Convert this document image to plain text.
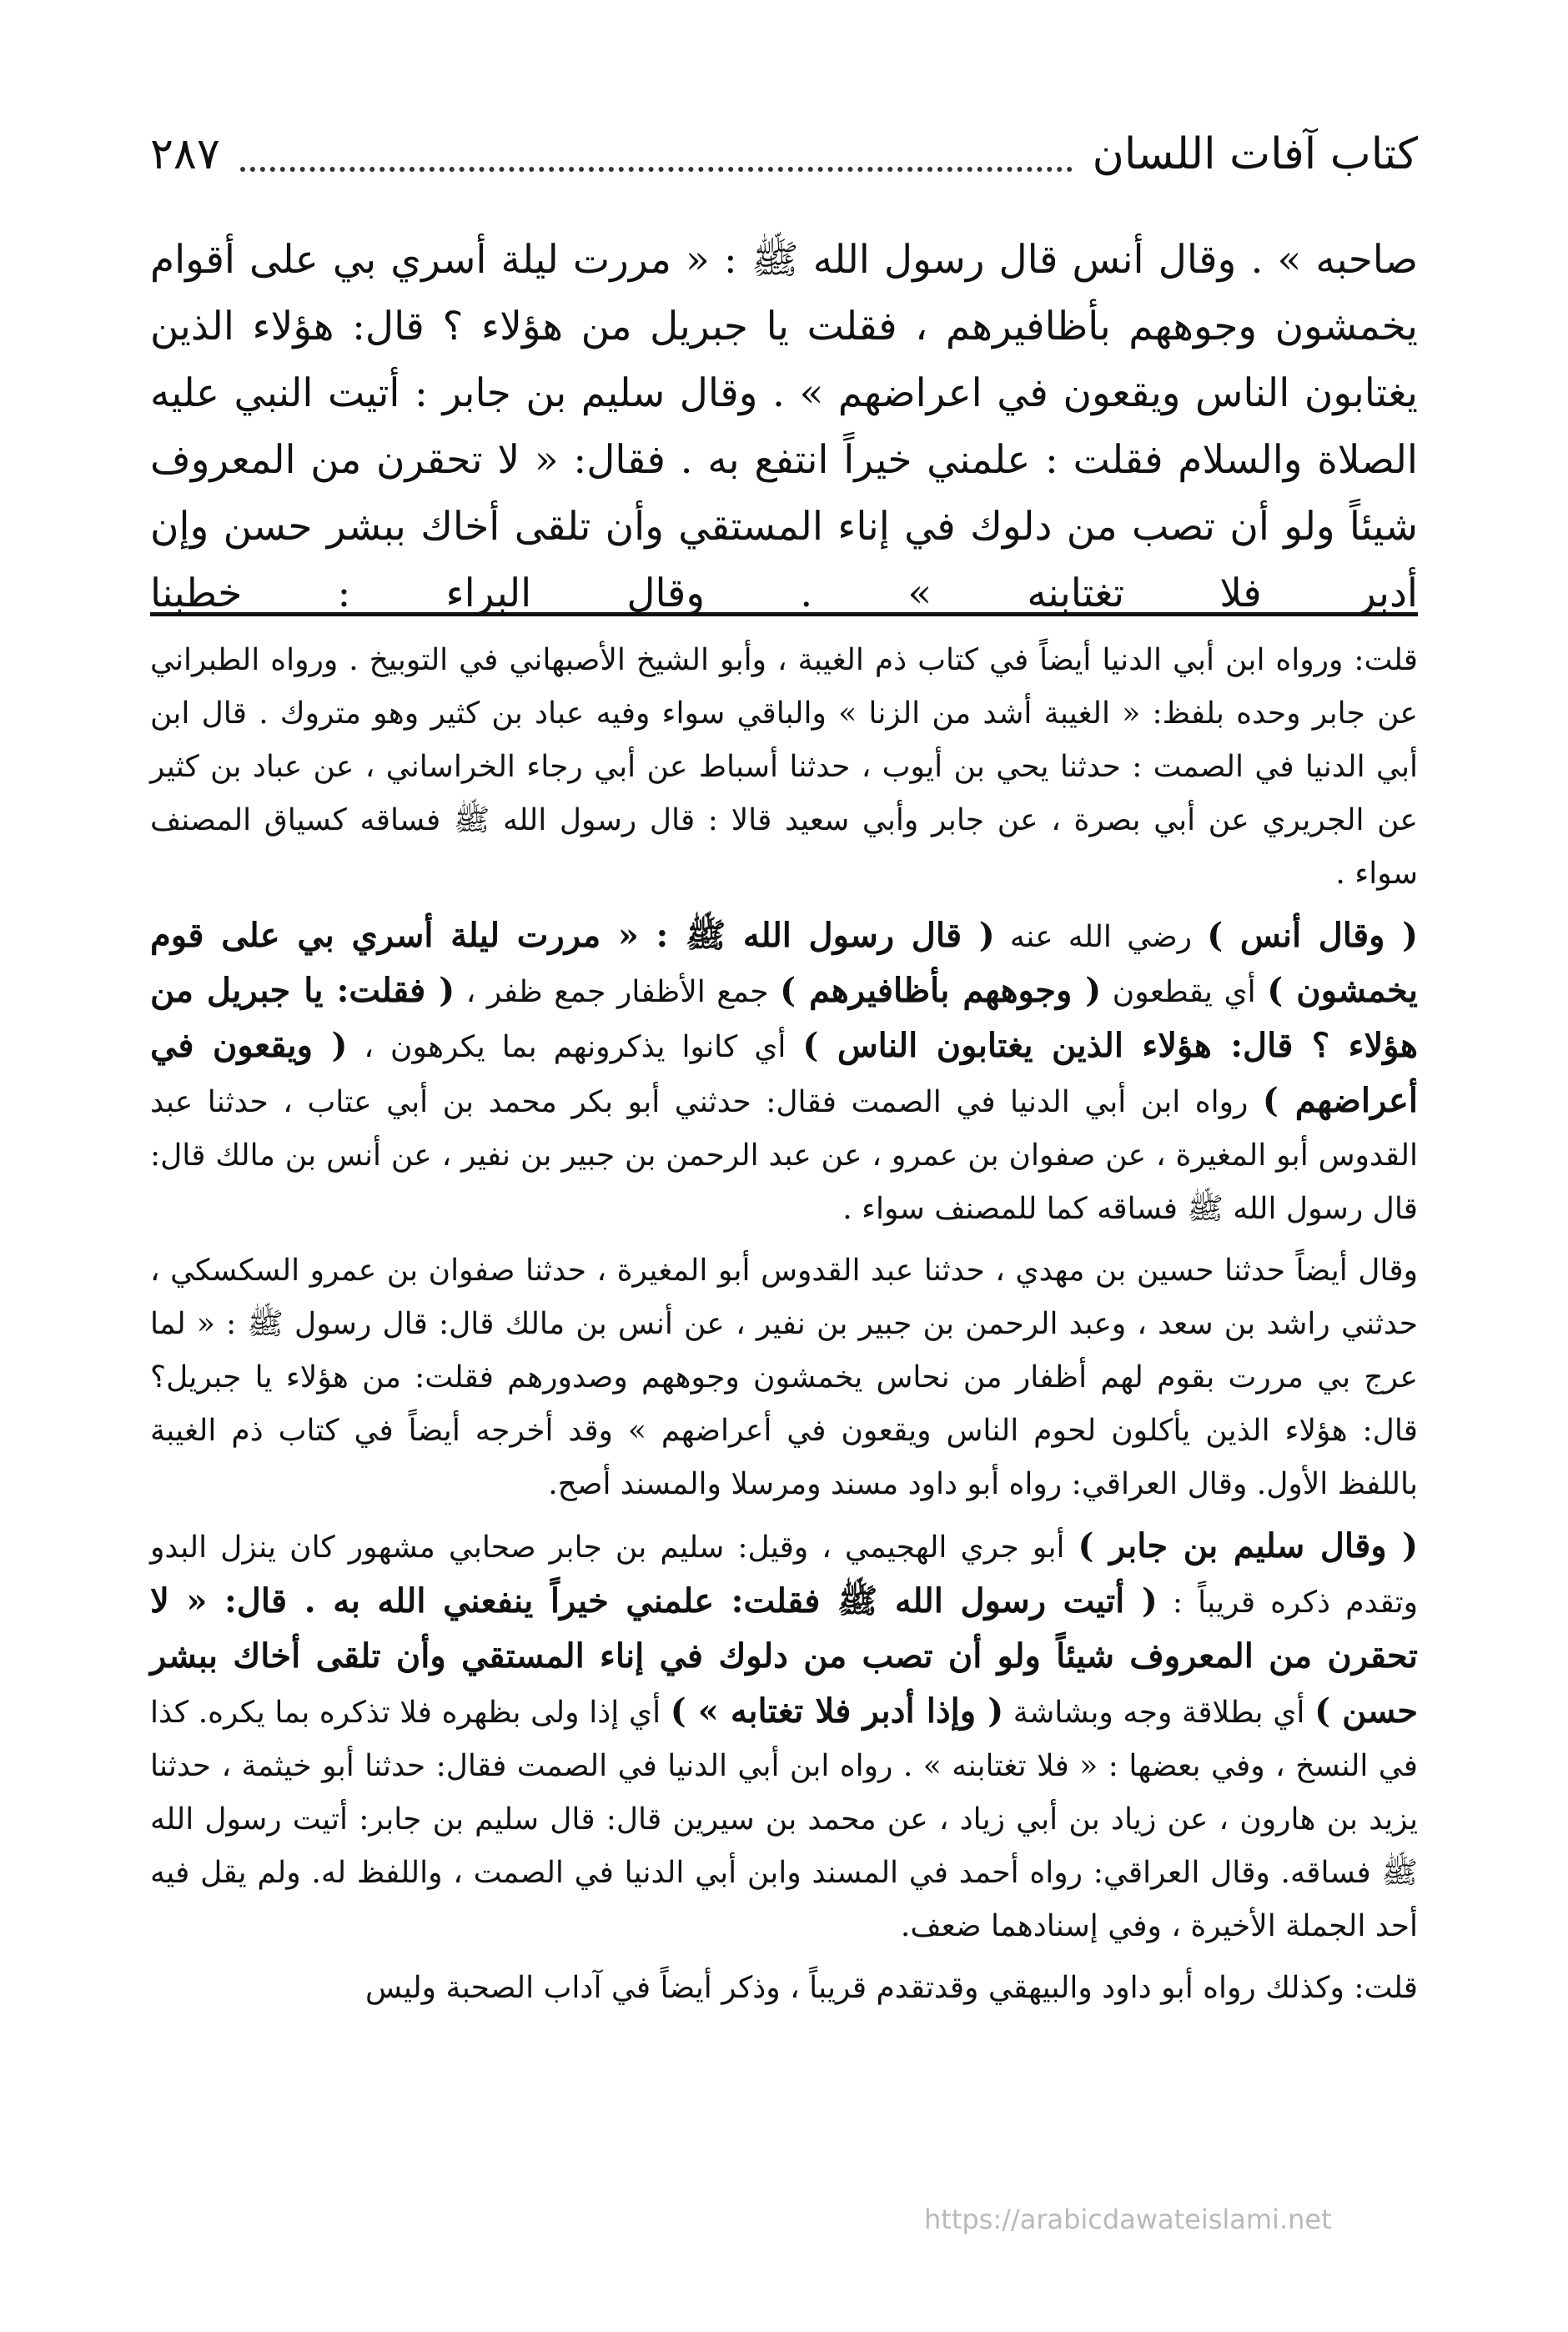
كتاب آفات اللسان
٢٨٧

صاحبه » . وقال أنس قال رسول الله ﷺ : « مررت ليلة أسري بي على أقوام يخمشون وجوههم بأظافيرهم ، فقلت يا جبريل من هؤلاء ؟ قال: هؤلاء الذين يغتابون الناس ويقعون في اعراضهم » . وقال سليم بن جابر : أتيت النبي عليه الصلاة والسلام فقلت : علمني خيراً انتفع به . فقال: « لا تحقرن من المعروف شيئاً ولو أن تصب من دلوك في إناء المستقي وأن تلقى أخاك ببشر حسن وإن أدبر فلا تغتابنه » . وقال البراء : خطبنا

قلت: ورواه ابن أبي الدنيا أيضاً في كتاب ذم الغيبة ، وأبو الشيخ الأصبهاني في التوبيخ . ورواه الطبراني عن جابر وحده بلفظ: « الغيبة أشد من الزنا » والباقي سواء وفيه عباد بن كثير وهو متروك . قال ابن أبي الدنيا في الصمت : حدثنا يحي بن أيوب ، حدثنا أسباط عن أبي رجاء الخراساني ، عن عباد بن كثير عن الجريري عن أبي بصرة ، عن جابر وأبي سعيد قالا : قال رسول الله ﷺ فساقه كسياق المصنف سواء .

( وقال أنس ) رضي الله عنه ( قال رسول الله ﷺ : « مررت ليلة أسري بي على قوم يخمشون ) أي يقطعون ( وجوههم بأظافيرهم ) جمع الأظفار جمع ظفر ، ( فقلت: يا جبريل من هؤلاء ؟ قال: هؤلاء الذين يغتابون الناس ) أي كانوا يذكرونهم بما يكرهون ، ( ويقعون في أعراضهم ) رواه ابن أبي الدنيا في الصمت فقال: حدثني أبو بكر محمد بن أبي عتاب ، حدثنا عبد القدوس أبو المغيرة ، عن صفوان بن عمرو ، عن عبد الرحمن بن جبير بن نفير ، عن أنس بن مالك قال: قال رسول الله ﷺ فساقه كما للمصنف سواء .

وقال أيضاً حدثنا حسين بن مهدي ، حدثنا عبد القدوس أبو المغيرة ، حدثنا صفوان بن عمرو السكسكي ، حدثني راشد بن سعد ، وعبد الرحمن بن جبير بن نفير ، عن أنس بن مالك قال: قال رسول ﷺ : « لما عرج بي مررت بقوم لهم أظفار من نحاس يخمشون وجوههم وصدورهم فقلت: من هؤلاء يا جبريل؟ قال: هؤلاء الذين يأكلون لحوم الناس ويقعون في أعراضهم » وقد أخرجه أيضاً في كتاب ذم الغيبة باللفظ الأول. وقال العراقي: رواه أبو داود مسند ومرسلا والمسند أصح.

( وقال سليم بن جابر ) أبو جري الهجيمي ، وقيل: سليم بن جابر صحابي مشهور كان ينزل البدو وتقدم ذكره قريباً : ( أتيت رسول الله ﷺ فقلت: علمني خيراً ينفعني الله به . قال: « لا تحقرن من المعروف شيئاً ولو أن تصب من دلوك في إناء المستقي وأن تلقى أخاك ببشر حسن ) أي بطلاقة وجه وبشاشة ( وإذا أدبر فلا تغتابه » ) أي إذا ولى بظهره فلا تذكره بما يكره. كذا في النسخ ، وفي بعضها : « فلا تغتابنه » . رواه ابن أبي الدنيا في الصمت فقال: حدثنا أبو خيثمة ، حدثنا يزيد بن هارون ، عن زياد بن أبي زياد ، عن محمد بن سيرين قال: قال سليم بن جابر: أتيت رسول الله ﷺ فساقه. وقال العراقي: رواه أحمد في المسند وابن أبي الدنيا في الصمت ، واللفظ له. ولم يقل فيه أحد الجملة الأخيرة ، وفي إسنادهما ضعف.

قلت: وكذلك رواه أبو داود والبيهقي وقدتقدم قريباً ، وذكر أيضاً في آداب الصحبة وليس

https://arabicdawateislami.net
